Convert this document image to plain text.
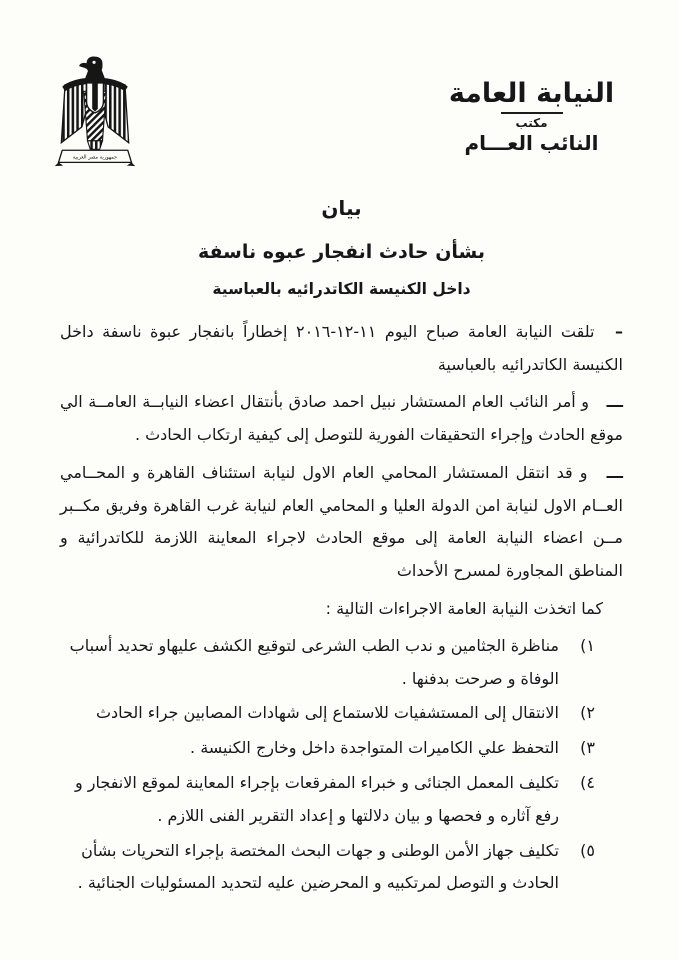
جمهورية مصر العربية
النيابة العامة
مكتب
النائب العـــام
بيان
بشأن حادث انفجار عبوه ناسفة
داخل الكنيسة الكاتدرائيه بالعباسية

– تلقت النيابة العامة صباح اليوم ١١-١٢-٢٠١٦ إخطاراً بانفجار عبوة ناسفة داخل الكنيسة الكاتدرائيه بالعباسية

ـــ و أمر النائب العام المستشار نبيل احمد صادق بأنتقال اعضاء النيابــة العامــة الي موقع الحادث وإجراء التحقيقات الفورية للتوصل إلى كيفية ارتكاب الحادث .

ـــ و قد انتقل المستشار المحامي العام الاول لنيابة استئناف القاهرة و المحــامي العــام الاول لنيابة امن الدولة العليا و المحامي العام لنيابة غرب القاهرة وفريق مكــبر مــن اعضاء النيابة العامة إلى موقع الحادث لاجراء المعاينة اللازمة للكاتدرائية و المناطق المجاورة لمسرح الأحداث

كما اتخذت النيابة العامة الاجراءات التالية :

١)
مناظرة الجثامين و ندب الطب الشرعى لتوقيع الكشف عليهاو تحديد أسباب الوفاة و صرحت بدفنها .
٢)
الانتقال إلى المستشفيات للاستماع إلى شهادات المصابين جراء الحادث
٣)
التحفظ علي الكاميرات المتواجدة داخل وخارج الكنيسة .
٤)
تكليف المعمل الجنائى و خبراء المفرقعات بإجراء المعاينة لموقع الانفجار و رفع آثاره و فحصها و بيان دلالتها و إعداد التقرير الفنى اللازم .
٥)
تكليف جهاز الأمن الوطنى و جهات البحث المختصة بإجراء التحريات بشأن الحادث و التوصل لمرتكبيه و المحرضين عليه لتحديد المسئوليات الجنائية .
